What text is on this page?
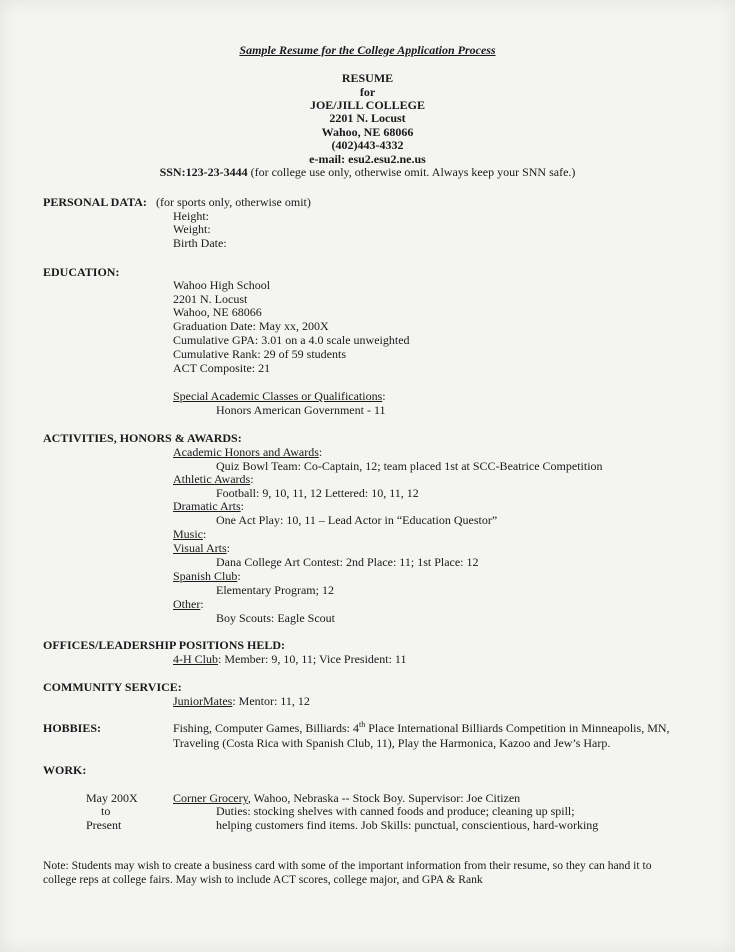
Sample Resume for the College Application Process
RESUME
for
JOE/JILL COLLEGE
2201 N. Locust
Wahoo, NE 68066
(402)443-4332
e-mail: esu2.esu2.ne.us
SSN:123-23-3444 (for college use only, otherwise omit. Always keep your SNN safe.)
PERSONAL DATA: (for sports only, otherwise omit)
Height:
Weight:
Birth Date:
EDUCATION:
Wahoo High School
2201 N. Locust
Wahoo, NE 68066
Graduation Date: May xx, 200X
Cumulative GPA: 3.01 on a 4.0 scale unweighted
Cumulative Rank: 29 of 59 students
ACT Composite: 21
Special Academic Classes or Qualifications:
Honors American Government - 11
ACTIVITIES, HONORS & AWARDS:
Academic Honors and Awards:
Quiz Bowl Team: Co-Captain, 12; team placed 1st at SCC-Beatrice Competition
Athletic Awards:
Football: 9, 10, 11, 12 Lettered: 10, 11, 12
Dramatic Arts:
One Act Play: 10, 11 – Lead Actor in “Education Questor”
Music:
Visual Arts:
Dana College Art Contest: 2nd Place: 11; 1st Place: 12
Spanish Club:
Elementary Program; 12
Other:
Boy Scouts: Eagle Scout
OFFICES/LEADERSHIP POSITIONS HELD:
4-H Club: Member: 9, 10, 11; Vice President: 11
COMMUNITY SERVICE:
JuniorMates: Mentor: 11, 12
HOBBIES:	Fishing, Computer Games, Billiards: 4th Place International Billiards Competition in Minneapolis, MN,
Traveling (Costa Rica with Spanish Club, 11), Play the Harmonica, Kazoo and Jew’s Harp.
WORK:
May 200X
to
Present
Corner Grocery, Wahoo, Nebraska -- Stock Boy. Supervisor: Joe Citizen
Duties: stocking shelves with canned foods and produce; cleaning up spill;
helping customers find items. Job Skills: punctual, conscientious, hard-working
Note: Students may wish to create a business card with some of the important information from their resume, so they can hand it to
college reps at college fairs. May wish to include ACT scores, college major, and GPA & Rank
